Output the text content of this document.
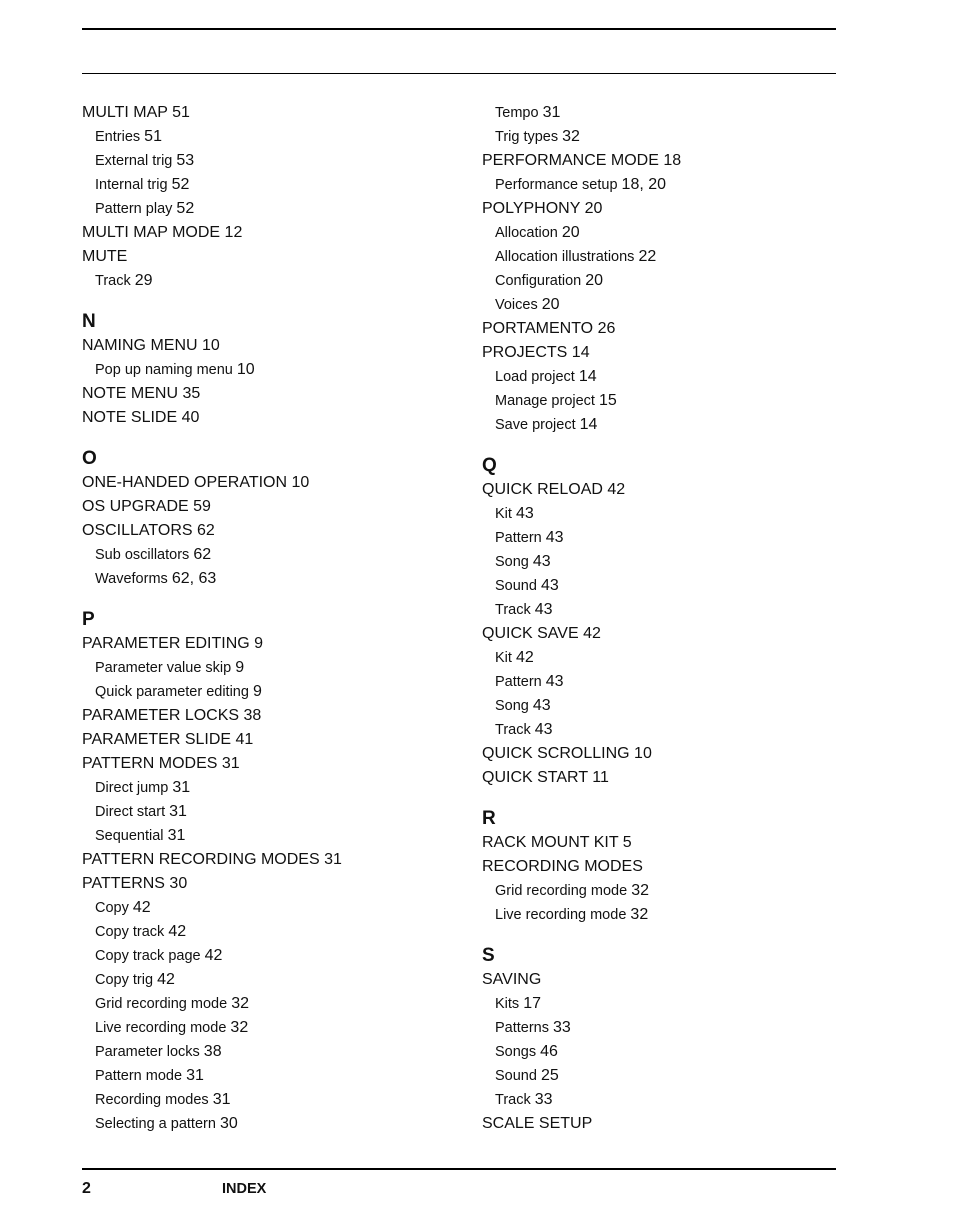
MULTI MAP 51
Entries 51
External trig 53
Internal trig 52
Pattern play 52
MULTI MAP MODE 12
MUTE
Track 29
N
NAMING MENU 10
Pop up naming menu 10
NOTE MENU 35
NOTE SLIDE 40
O
ONE-HANDED OPERATION 10
OS UPGRADE 59
OSCILLATORS 62
Sub oscillators 62
Waveforms 62, 63
P
PARAMETER EDITING 9
Parameter value skip 9
Quick parameter editing 9
PARAMETER LOCKS 38
PARAMETER SLIDE 41
PATTERN MODES 31
Direct jump 31
Direct start 31
Sequential 31
PATTERN RECORDING MODES 31
PATTERNS 30
Copy 42
Copy track 42
Copy track page 42
Copy trig 42
Grid recording mode 32
Live recording mode 32
Parameter locks 38
Pattern mode 31
Recording modes 31
Selecting a pattern 30
Tempo 31
Trig types 32
PERFORMANCE MODE 18
Performance setup 18, 20
POLYPHONY 20
Allocation 20
Allocation illustrations 22
Configuration 20
Voices 20
PORTAMENTO 26
PROJECTS 14
Load project 14
Manage project 15
Save project 14
Q
QUICK RELOAD 42
Kit 43
Pattern 43
Song 43
Sound 43
Track 43
QUICK SAVE 42
Kit 42
Pattern 43
Song 43
Track 43
QUICK SCROLLING 10
QUICK START 11
R
RACK MOUNT KIT 5
RECORDING MODES
Grid recording mode 32
Live recording mode 32
S
SAVING
Kits 17
Patterns 33
Songs 46
Sound 25
Track 33
SCALE SETUP
2	INDEX
